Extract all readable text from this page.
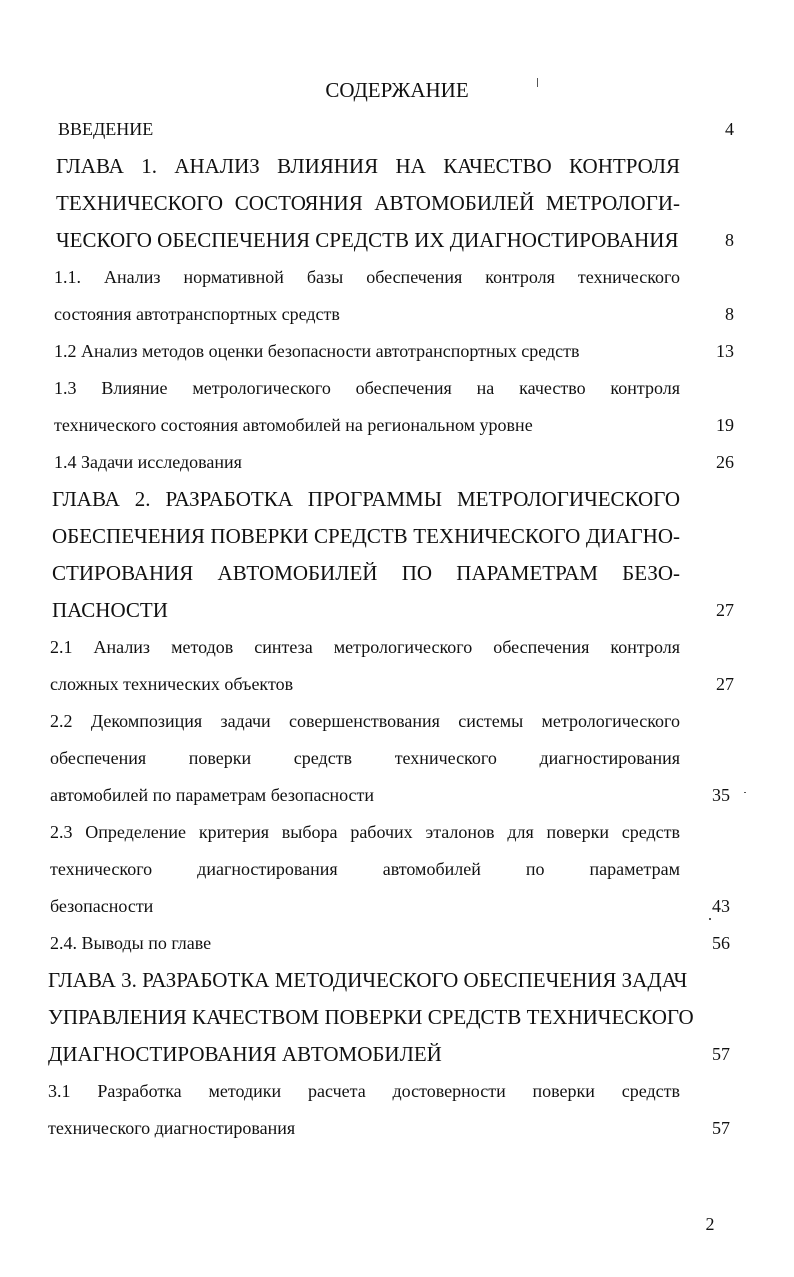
СОДЕРЖАНИЕ
ВВЕДЕНИЕ	4
ГЛАВА 1. АНАЛИЗ ВЛИЯНИЯ НА КАЧЕСТВО КОНТРОЛЯ
ТЕХНИЧЕСКОГО СОСТОЯНИЯ АВТОМОБИЛЕЙ МЕТРОЛОГИ-
ЧЕСКОГО ОБЕСПЕЧЕНИЯ СРЕДСТВ ИХ ДИАГНОСТИРОВАНИЯ	8
1.1. Анализ нормативной базы обеспечения контроля технического
состояния автотранспортных средств	8
1.2 Анализ методов оценки безопасности автотранспортных средств	13
1.3 Влияние метрологического обеспечения на качество контроля
технического состояния автомобилей на региональном уровне	19
1.4 Задачи исследования	26
ГЛАВА 2. РАЗРАБОТКА ПРОГРАММЫ МЕТРОЛОГИЧЕСКОГО
ОБЕСПЕЧЕНИЯ ПОВЕРКИ СРЕДСТВ ТЕХНИЧЕСКОГО ДИАГНО-
СТИРОВАНИЯ АВТОМОБИЛЕЙ ПО ПАРАМЕТРАМ БЕЗО-
ПАСНОСТИ	27
2.1 Анализ методов синтеза метрологического обеспечения контроля
сложных технических объектов	27
2.2 Декомпозиция задачи совершенствования системы метрологического
обеспечения поверки средств технического диагностирования
автомобилей по параметрам безопасности	35
2.3 Определение критерия выбора рабочих эталонов для поверки средств
технического диагностирования автомобилей по параметрам
безопасности	43
2.4. Выводы по главе	56
ГЛАВА 3. РАЗРАБОТКА МЕТОДИЧЕСКОГО ОБЕСПЕЧЕНИЯ ЗАДАЧ
УПРАВЛЕНИЯ КАЧЕСТВОМ ПОВЕРКИ СРЕДСТВ ТЕХНИЧЕСКОГО
ДИАГНОСТИРОВАНИЯ АВТОМОБИЛЕЙ	57
3.1 Разработка методики расчета достоверности поверки средств
технического диагностирования	57
2
